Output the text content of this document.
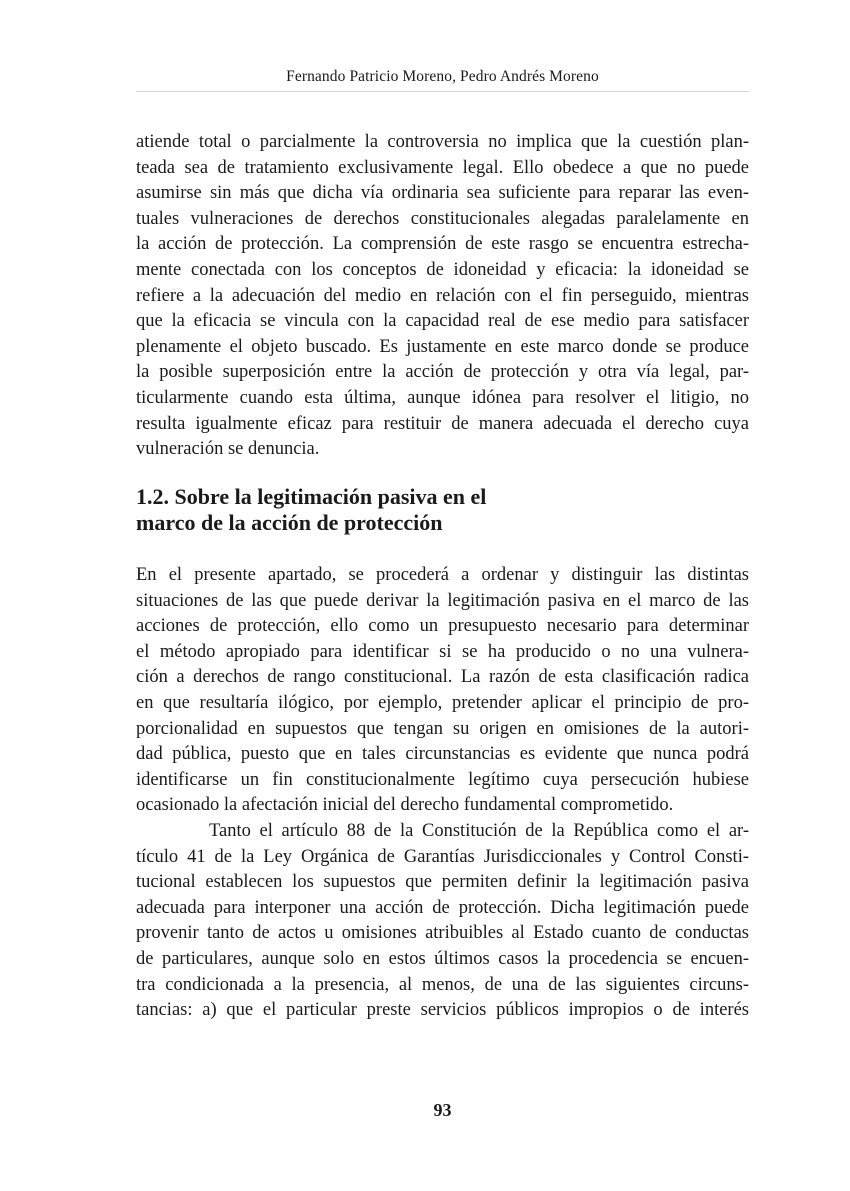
Fernando Patricio Moreno, Pedro Andrés Moreno
atiende total o parcialmente la controversia no implica que la cuestión plan-
teada sea de tratamiento exclusivamente legal. Ello obedece a que no puede
asumirse sin más que dicha vía ordinaria sea suficiente para reparar las even-
tuales vulneraciones de derechos constitucionales alegadas paralelamente en
la acción de protección. La comprensión de este rasgo se encuentra estrecha-
mente conectada con los conceptos de idoneidad y eficacia: la idoneidad se
refiere a la adecuación del medio en relación con el fin perseguido, mientras
que la eficacia se vincula con la capacidad real de ese medio para satisfacer
plenamente el objeto buscado. Es justamente en este marco donde se produce
la posible superposición entre la acción de protección y otra vía legal, par-
ticularmente cuando esta última, aunque idónea para resolver el litigio, no
resulta igualmente eficaz para restituir de manera adecuada el derecho cuya
vulneración se denuncia.
1.2. Sobre la legitimación pasiva en el
marco de la acción de protección
En el presente apartado, se procederá a ordenar y distinguir las distintas
situaciones de las que puede derivar la legitimación pasiva en el marco de las
acciones de protección, ello como un presupuesto necesario para determinar
el método apropiado para identificar si se ha producido o no una vulnera-
ción a derechos de rango constitucional. La razón de esta clasificación radica
en que resultaría ilógico, por ejemplo, pretender aplicar el principio de pro-
porcionalidad en supuestos que tengan su origen en omisiones de la autori-
dad pública, puesto que en tales circunstancias es evidente que nunca podrá
identificarse un fin constitucionalmente legítimo cuya persecución hubiese
ocasionado la afectación inicial del derecho fundamental comprometido.
Tanto el artículo 88 de la Constitución de la República como el ar-
tículo 41 de la Ley Orgánica de Garantías Jurisdiccionales y Control Consti-
tucional establecen los supuestos que permiten definir la legitimación pasiva
adecuada para interponer una acción de protección. Dicha legitimación puede
provenir tanto de actos u omisiones atribuibles al Estado cuanto de conductas
de particulares, aunque solo en estos últimos casos la procedencia se encuen-
tra condicionada a la presencia, al menos, de una de las siguientes circuns-
tancias: a) que el particular preste servicios públicos impropios o de interés
93
